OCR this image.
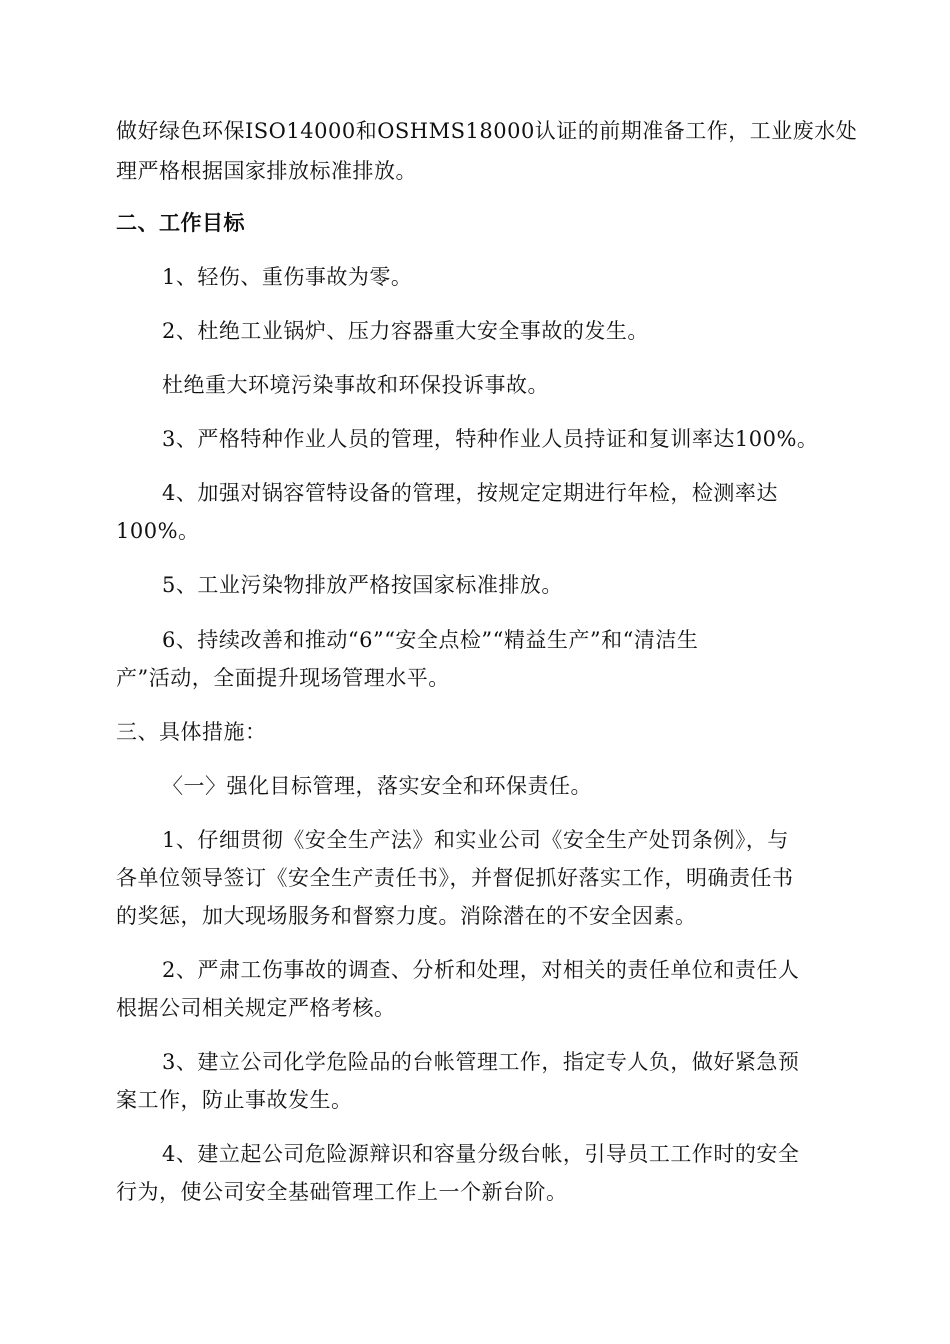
做好绿色环保ISO14000和OSHMS18000认证的前期准备工作，工业废水处
理严格根据国家排放标准排放。
二、工作目标
1、轻伤、重伤事故为零。
2、杜绝工业锅炉、压力容器重大安全事故的发生。
杜绝重大环境污染事故和环保投诉事故。
3、严格特种作业人员的管理，特种作业人员持证和复训率达100%。
4、加强对锅容管特设备的管理，按规定定期进行年检，检测率达
100%。
5、工业污染物排放严格按国家标准排放。
6、持续改善和推动“6”“安全点检”“精益生产”和“清洁生
产”活动，全面提升现场管理水平。
三、具体措施：
〈一〉强化目标管理，落实安全和环保责任。
1、仔细贯彻《安全生产法》和实业公司《安全生产处罚条例》，与
各单位领导签订《安全生产责任书》，并督促抓好落实工作，明确责任书
的奖惩，加大现场服务和督察力度。消除潜在的不安全因素。
2、严肃工伤事故的调查、分析和处理，对相关的责任单位和责任人
根据公司相关规定严格考核。
3、建立公司化学危险品的台帐管理工作，指定专人负，做好紧急预
案工作，防止事故发生。
4、建立起公司危险源辩识和容量分级台帐，引导员工工作时的安全
行为，使公司安全基础管理工作上一个新台阶。
